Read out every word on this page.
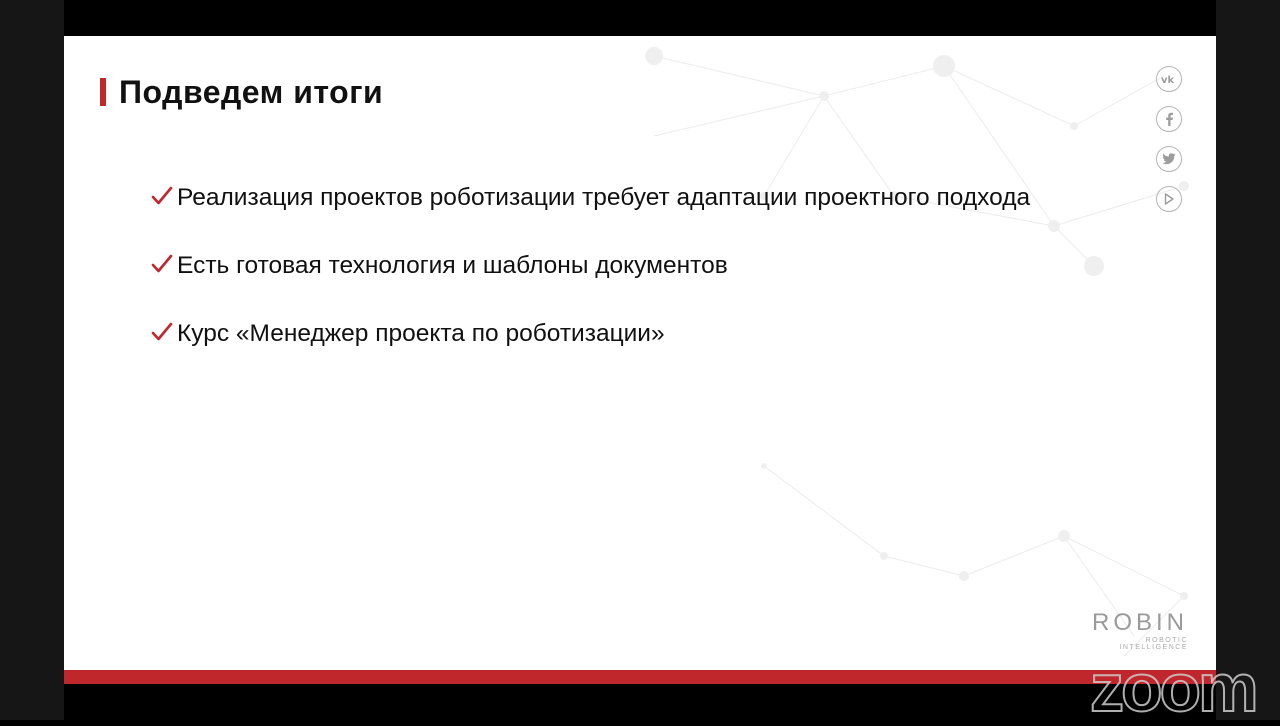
Подведем итоги
Реализация проектов роботизации требует адаптации проектного подхода
Есть готовая технология и шаблоны документов
Курс «Менеджер проекта по роботизации»
vk
ROBIN
ROBOTIC INTELLIGENCE
zoom
